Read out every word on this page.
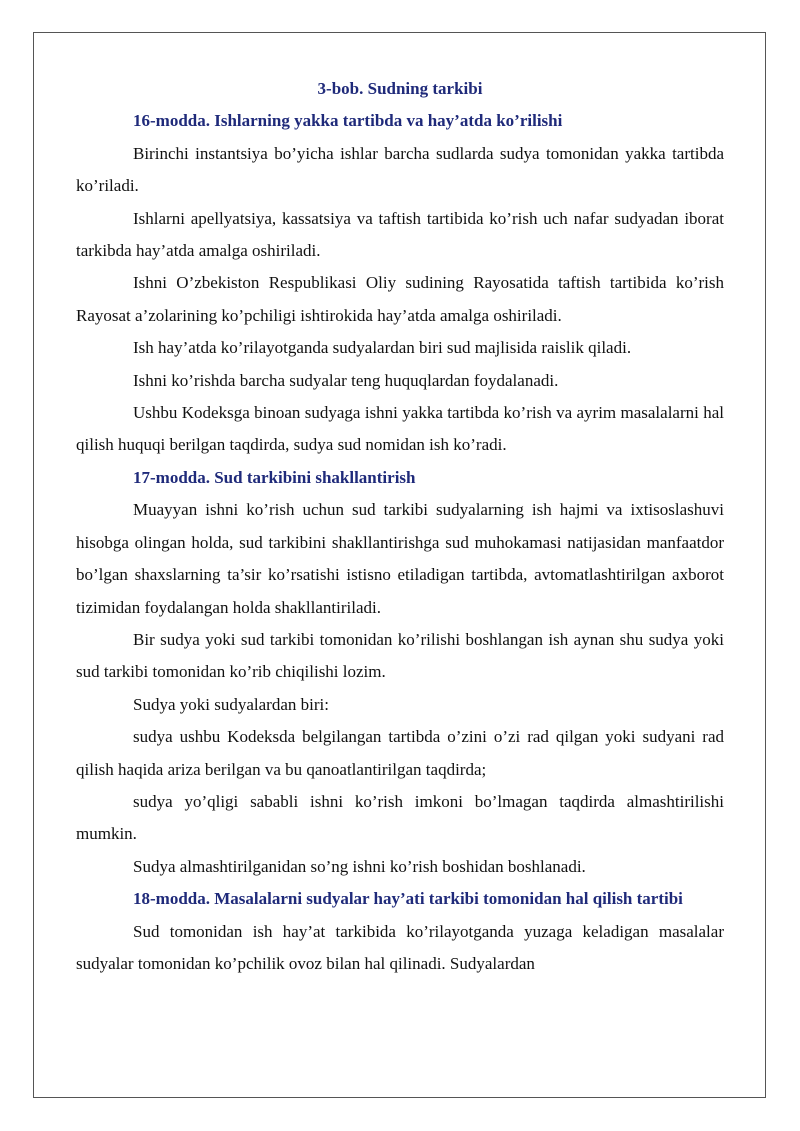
3-bob. Sudning tarkibi

16-modda. Ishlarning yakka tartibda va hay’atda ko’rilishi

Birinchi instantsiya bo’yicha ishlar barcha sudlarda sudya tomonidan yakka tartibda ko’riladi.

Ishlarni apellyatsiya, kassatsiya va taftish tartibida ko’rish uch nafar sudyadan iborat tarkibda hay’atda amalga oshiriladi.

Ishni O’zbekiston Respublikasi Oliy sudining Rayosatida taftish tartibida ko’rish Rayosat a’zolarining ko’pchiligi ishtirokida hay’atda amalga oshiriladi.

Ish hay’atda ko’rilayotganda sudyalardan biri sud majlisida raislik qiladi.

Ishni ko’rishda barcha sudyalar teng huquqlardan foydalanadi.

Ushbu Kodeksga binoan sudyaga ishni yakka tartibda ko’rish va ayrim masalalarni hal qilish huquqi berilgan taqdirda, sudya sud nomidan ish ko’radi.

17-modda. Sud tarkibini shakllantirish

Muayyan ishni ko’rish uchun sud tarkibi sudyalarning ish hajmi va ixtisoslashuvi hisobga olingan holda, sud tarkibini shakllantirishga sud muhokamasi natijasidan manfaatdor bo’lgan shaxslarning ta’sir ko’rsatishi istisno etiladigan tartibda, avtomatlashtirilgan axborot tizimidan foydalangan holda shakllantiriladi.

Bir sudya yoki sud tarkibi tomonidan ko’rilishi boshlangan ish aynan shu sudya yoki sud tarkibi tomonidan ko’rib chiqilishi lozim.

Sudya yoki sudyalardan biri:

sudya ushbu Kodeksda belgilangan tartibda o’zini o’zi rad qilgan yoki sudyani rad qilish haqida ariza berilgan va bu qanoatlantirilgan taqdirda;

sudya yo’qligi sababli ishni ko’rish imkoni bo’lmagan taqdirda almashtirilishi mumkin.

Sudya almashtirilganidan so’ng ishni ko’rish boshidan boshlanadi.

18-modda. Masalalarni sudyalar hay’ati tarkibi tomonidan hal qilish tartibi

Sud tomonidan ish hay’at tarkibida ko’rilayotganda yuzaga keladigan masalalar sudyalar tomonidan ko’pchilik ovoz bilan hal qilinadi. Sudyalardan
